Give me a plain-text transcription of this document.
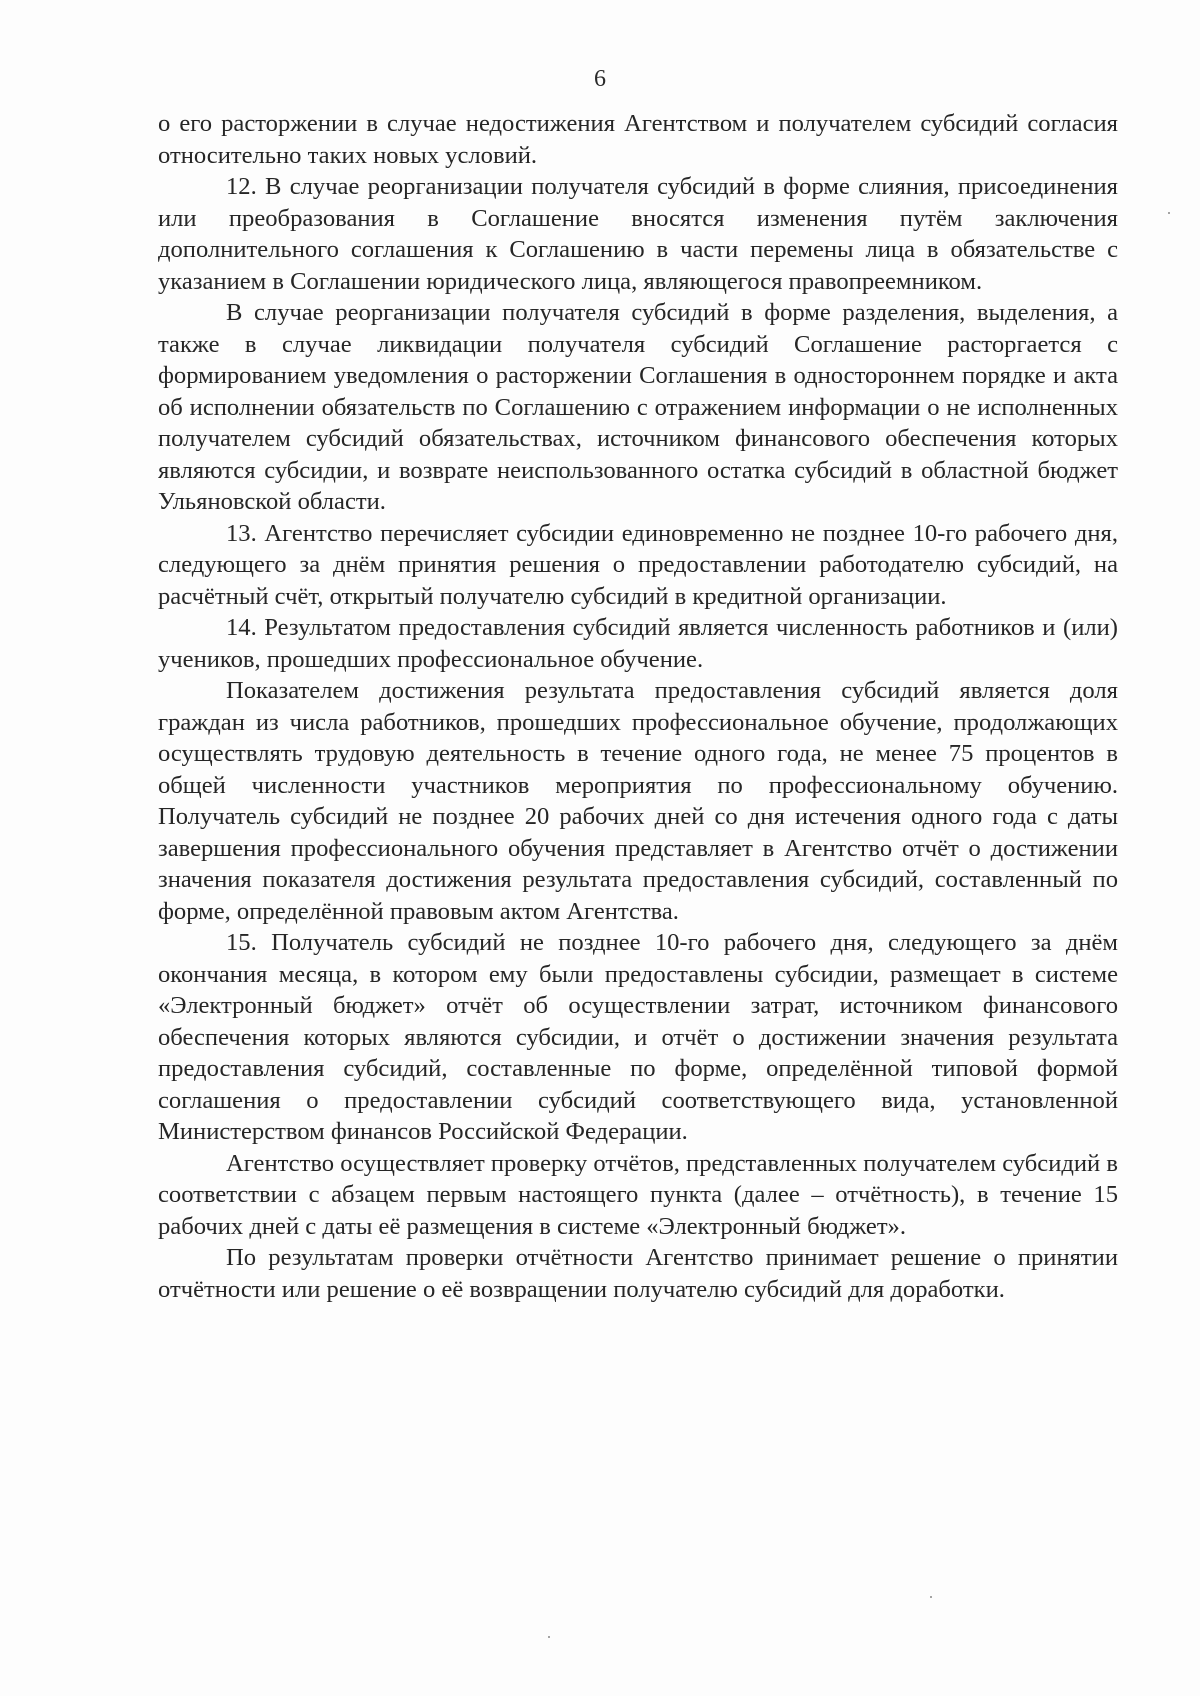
6

о его расторжении в случае недостижения Агентством и получателем субсидий согласия относительно таких новых условий.

12. В случае реорганизации получателя субсидий в форме слияния, присоединения или преобразования в Соглашение вносятся изменения путём заключения дополнительного соглашения к Соглашению в части перемены лица в обязательстве с указанием в Соглашении юридического лица, являющегося правопреемником.

В случае реорганизации получателя субсидий в форме разделения, выделения, а также в случае ликвидации получателя субсидий Соглашение расторгается с формированием уведомления о расторжении Соглашения в одностороннем порядке и акта об исполнении обязательств по Соглашению с отражением информации о не исполненных получателем субсидий обязательствах, источником финансового обеспечения которых являются субсидии, и возврате неиспользованного остатка субсидий в областной бюджет Ульяновской области.

13. Агентство перечисляет субсидии единовременно не позднее 10-го рабочего дня, следующего за днём принятия решения о предоставлении работодателю субсидий, на расчётный счёт, открытый получателю субсидий в кредитной организации.

14. Результатом предоставления субсидий является численность работников и (или) учеников, прошедших профессиональное обучение.

Показателем достижения результата предоставления субсидий является доля граждан из числа работников, прошедших профессиональное обучение, продолжающих осуществлять трудовую деятельность в течение одного года, не менее 75 процентов в общей численности участников мероприятия по профессиональному обучению. Получатель субсидий не позднее 20 рабочих дней со дня истечения одного года с даты завершения профессионального обучения представляет в Агентство отчёт о достижении значения показателя достижения результата предоставления субсидий, составленный по форме, определённой правовым актом Агентства.

15. Получатель субсидий не позднее 10-го рабочего дня, следующего за днём окончания месяца, в котором ему были предоставлены субсидии, размещает в системе «Электронный бюджет» отчёт об осуществлении затрат, источником финансового обеспечения которых являются субсидии, и отчёт о достижении значения результата предоставления субсидий, составленные по форме, определённой типовой формой соглашения о предоставлении субсидий соответствующего вида, установленной Министерством финансов Российской Федерации.

Агентство осуществляет проверку отчётов, представленных получателем субсидий в соответствии с абзацем первым настоящего пункта (далее – отчётность), в течение 15 рабочих дней с даты её размещения в системе «Электронный бюджет».

По результатам проверки отчётности Агентство принимает решение о принятии отчётности или решение о её возвращении получателю субсидий для доработки.
